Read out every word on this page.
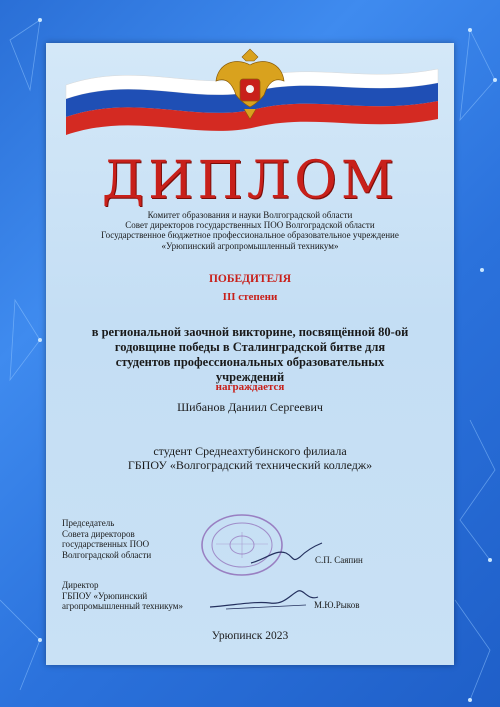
ДИПЛОМ
Комитет образования и науки Волгоградской области
Совет директоров государственных ПОО Волгоградской области
Государственное бюджетное профессиональное образовательное учреждение
«Урюпинский агропромышленный техникум»
ПОБЕДИТЕЛЯ
III степени
в региональной заочной викторине, посвящённой 80-ой
годовщине победы в Сталинградской битве для
студентов профессиональных образовательных
учреждений
награждается
Шибанов Даниил Сергеевич
студент Среднеахтубинского филиала
ГБПОУ «Волгоградский технический колледж»
Председатель
Совета директоров
государственных ПОО
Волгоградской области
С.П. Саяпин
Директор
ГБПОУ «Урюпинский
агропромышленный техникум»	М.Ю.Рыков
Урюпинск 2023
